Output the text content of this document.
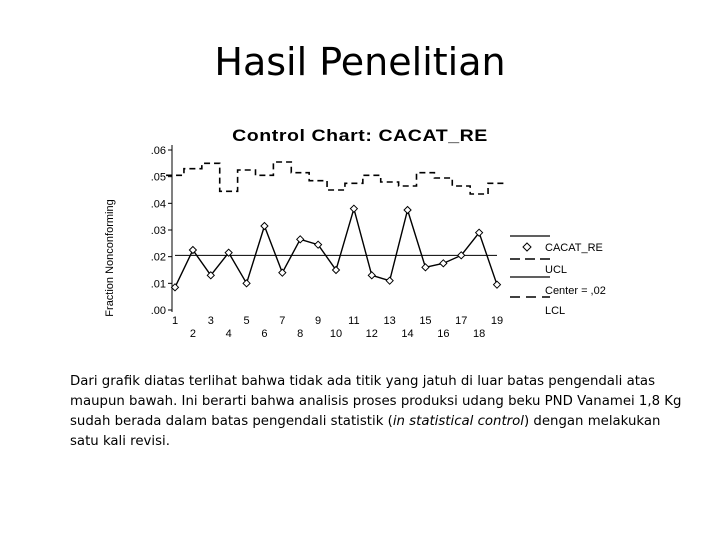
Hasil Penelitian
Control Chart: CACAT_RE
Fraction Nonconforming	.00
.01
.02
.03
.04
.05
.06
1	3	5	7	9 11 13 15 17 19
2	4	6	8 10 12 14 16 18
CACAT_RE
UCL
Center = ,02
LCL

Dari grafik diatas terlihat bahwa tidak ada titik yang jatuh di luar batas pengendali atas maupun bawah. Ini berarti bahwa analisis proses produksi udang beku PND Vanamei 1,8 Kg sudah berada dalam batas pengendali statistik (in statistical control) dengan melakukan satu kali revisi.
